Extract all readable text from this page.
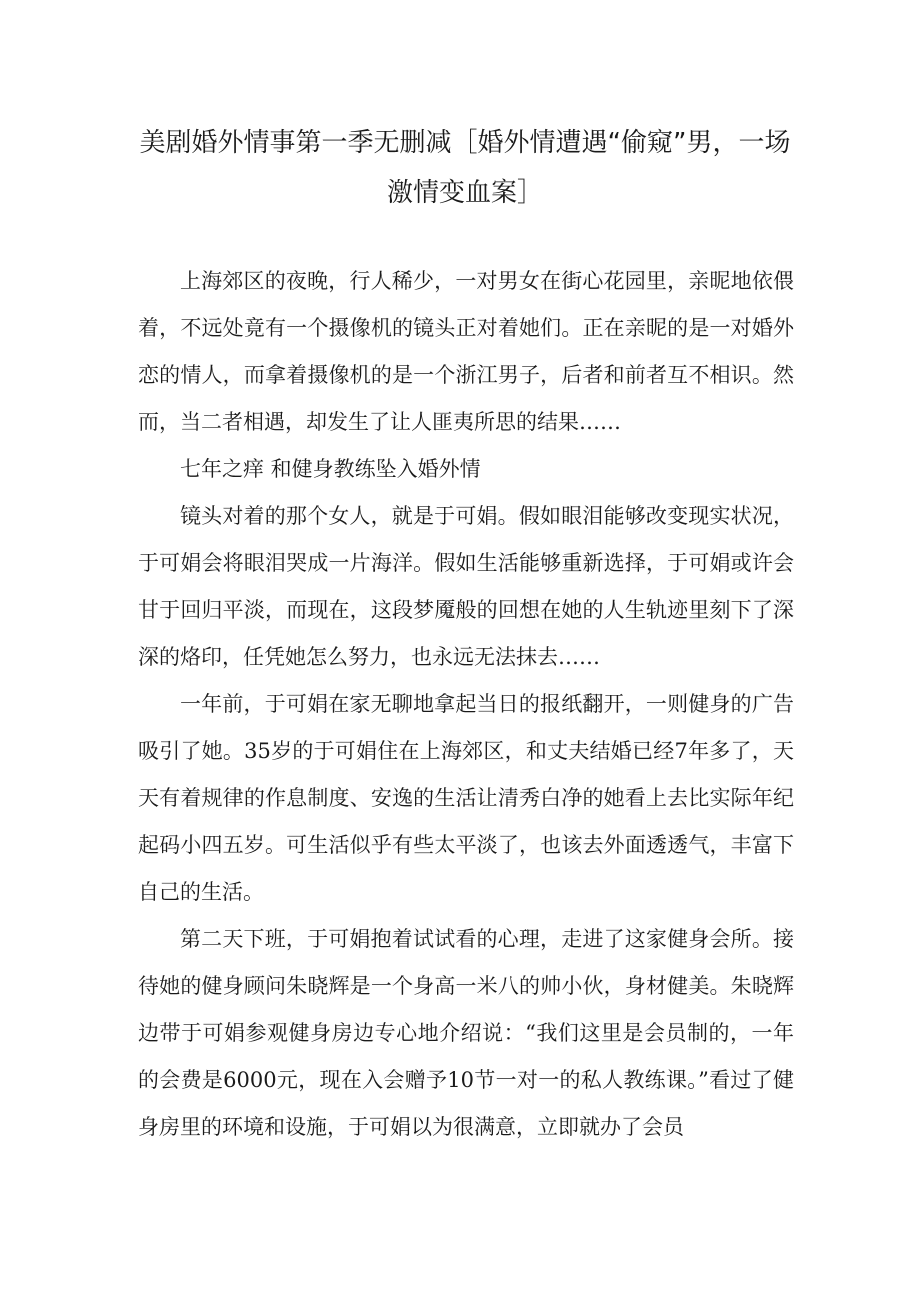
美剧婚外情事第一季无删减［婚外情遭遇“偷窥”男，一场激情变血案］

上海郊区的夜晚，行人稀少，一对男女在街心花园里，亲昵地依偎着，不远处竟有一个摄像机的镜头正对着她们。正在亲昵的是一对婚外恋的情人，而拿着摄像机的是一个浙江男子，后者和前者互不相识。然而，当二者相遇，却发生了让人匪夷所思的结果……

七年之痒 和健身教练坠入婚外情

镜头对着的那个女人，就是于可娟。假如眼泪能够改变现实状况，于可娟会将眼泪哭成一片海洋。假如生活能够重新选择，于可娟或许会甘于回归平淡，而现在，这段梦魇般的回想在她的人生轨迹里刻下了深深的烙印，任凭她怎么努力，也永远无法抹去……

一年前，于可娟在家无聊地拿起当日的报纸翻开，一则健身的广告吸引了她。35岁的于可娟住在上海郊区，和丈夫结婚已经7年多了，天天有着规律的作息制度、安逸的生活让清秀白净的她看上去比实际年纪起码小四五岁。可生活似乎有些太平淡了，也该去外面透透气，丰富下自己的生活。

第二天下班，于可娟抱着试试看的心理，走进了这家健身会所。接待她的健身顾问朱晓辉是一个身高一米八的帅小伙，身材健美。朱晓辉边带于可娟参观健身房边专心地介绍说：“我们这里是会员制的，一年的会费是6000元，现在入会赠予10节一对一的私人教练课。”看过了健身房里的环境和设施，于可娟以为很满意，立即就办了会员
